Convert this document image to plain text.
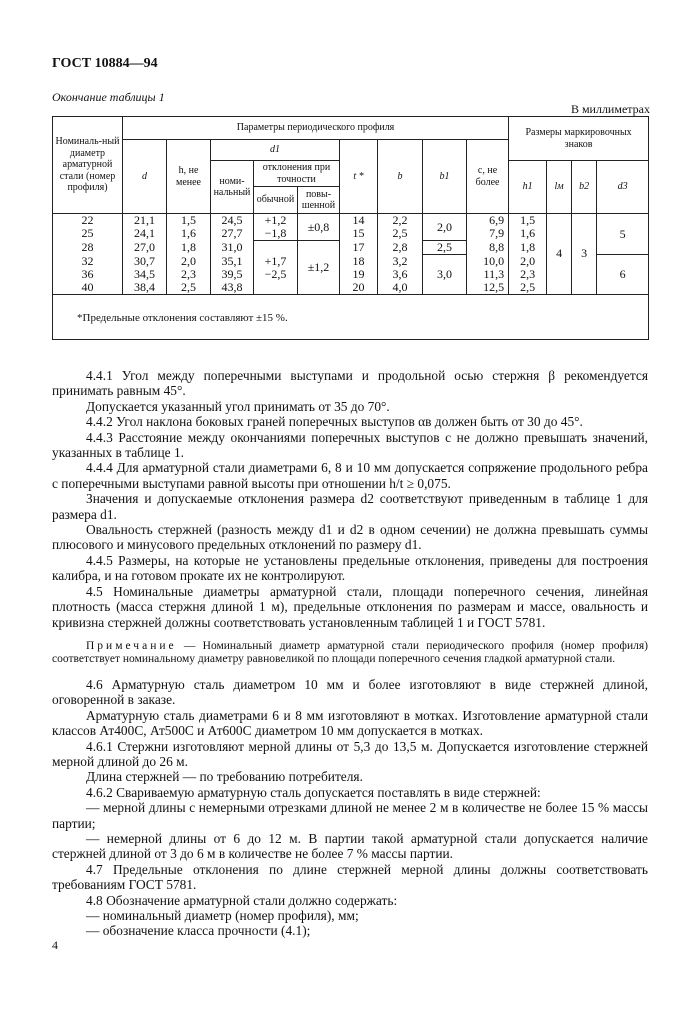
ГОСТ 10884—94
Окончание таблицы 1
В миллиметрах
Номиналь-ный диаметр арматурной стали (номер профиля)	Параметры периодического профиля									Размеры маркировочных знаков			
	d	h, не менее	d1			t *	b	b1	с, не более				
			номи-нальный	отклонения при точности						h1	lм	b2	d3
				обычной	повы-шенной								
22	21,1	1,5	24,5	+1,2	±0,8	14	2,2	2,0	6,9	1,5	4	3	5
25	24,1	1,6	27,7	−1,8		15	2,5		7,9	1,6			
28	27,0	1,8	31,0		±1,2	17	2,8	2,5	8,8	1,8			
32	30,7	2,0	35,1	+1,7		18	3,2	3,0	10,0	2,0			6
36	34,5	2,3	39,5	−2,5		19	3,6		11,3	2,3			
40	38,4	2,5	43,8			20	4,0		12,5	2,5			
*Предельные отклонения составляют ±15 %.													

4.4.1 Угол между поперечными выступами и продольной осью стержня β рекомендуется принимать равным 45°.

Допускается указанный угол принимать от 35 до 70°.

4.4.2 Угол наклона боковых граней поперечных выступов αв должен быть от 30 до 45°.

4.4.3 Расстояние между окончаниями поперечных выступов с не должно превышать значений, указанных в таблице 1.

4.4.4 Для арматурной стали диаметрами 6, 8 и 10 мм допускается сопряжение продольного ребра с поперечными выступами равной высоты при отношении h/t ≥ 0,075.

Значения и допускаемые отклонения размера d2 соответствуют приведенным в таблице 1 для размера d1.

Овальность стержней (разность между d1 и d2 в одном сечении) не должна превышать суммы плюсового и минусового предельных отклонений по размеру d1.

4.4.5 Размеры, на которые не установлены предельные отклонения, приведены для построения калибра, и на готовом прокате их не контролируют.

4.5 Номинальные диаметры арматурной стали, площади поперечного сечения, линейная плотность (масса стержня длиной 1 м), предельные отклонения по размерам и массе, овальность и кривизна стержней должны соответствовать установленным таблицей 1 и ГОСТ 5781.

Примечание — Номинальный диаметр арматурной стали периодического профиля (номер профиля) соответствует номинальному диаметру равновеликой по площади поперечного сечения гладкой арматурной стали.

4.6 Арматурную сталь диаметром 10 мм и более изготовляют в виде стержней длиной, оговоренной в заказе.

Арматурную сталь диаметрами 6 и 8 мм изготовляют в мотках. Изготовление арматурной стали классов Ат400С, Ат500С и Ат600С диаметром 10 мм допускается в мотках.

4.6.1 Стержни изготовляют мерной длины от 5,3 до 13,5 м. Допускается изготовление стержней мерной длиной до 26 м.

Длина стержней — по требованию потребителя.

4.6.2 Свариваемую арматурную сталь допускается поставлять в виде стержней:

— мерной длины с немерными отрезками длиной не менее 2 м в количестве не более 15 % массы партии;

— немерной длины от 6 до 12 м. В партии такой арматурной стали допускается наличие стержней длиной от 3 до 6 м в количестве не более 7 % массы партии.

4.7 Предельные отклонения по длине стержней мерной длины должны соответствовать требованиям ГОСТ 5781.

4.8 Обозначение арматурной стали должно содержать:

— номинальный диаметр (номер профиля), мм;

— обозначение класса прочности (4.1);

4
